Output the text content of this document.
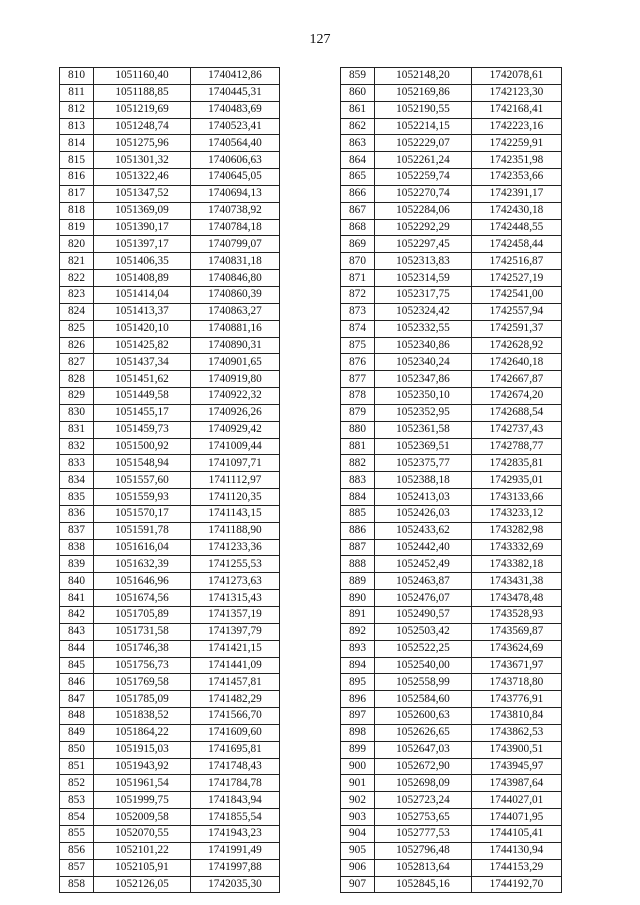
127
810	1051160,40	1740412,86
811	1051188,85	1740445,31
812	1051219,69	1740483,69
813	1051248,74	1740523,41
814	1051275,96	1740564,40
815	1051301,32	1740606,63
816	1051322,46	1740645,05
817	1051347,52	1740694,13
818	1051369,09	1740738,92
819	1051390,17	1740784,18
820	1051397,17	1740799,07
821	1051406,35	1740831,18
822	1051408,89	1740846,80
823	1051414,04	1740860,39
824	1051413,37	1740863,27
825	1051420,10	1740881,16
826	1051425,82	1740890,31
827	1051437,34	1740901,65
828	1051451,62	1740919,80
829	1051449,58	1740922,32
830	1051455,17	1740926,26
831	1051459,73	1740929,42
832	1051500,92	1741009,44
833	1051548,94	1741097,71
834	1051557,60	1741112,97
835	1051559,93	1741120,35
836	1051570,17	1741143,15
837	1051591,78	1741188,90
838	1051616,04	1741233,36
839	1051632,39	1741255,53
840	1051646,96	1741273,63
841	1051674,56	1741315,43
842	1051705,89	1741357,19
843	1051731,58	1741397,79
844	1051746,38	1741421,15
845	1051756,73	1741441,09
846	1051769,58	1741457,81
847	1051785,09	1741482,29
848	1051838,52	1741566,70
849	1051864,22	1741609,60
850	1051915,03	1741695,81
851	1051943,92	1741748,43
852	1051961,54	1741784,78
853	1051999,75	1741843,94
854	1052009,58	1741855,54
855	1052070,55	1741943,23
856	1052101,22	1741991,49
857	1052105,91	1741997,88
858	1052126,05	1742035,30
859	1052148,20	1742078,61
860	1052169,86	1742123,30
861	1052190,55	1742168,41
862	1052214,15	1742223,16
863	1052229,07	1742259,91
864	1052261,24	1742351,98
865	1052259,74	1742353,66
866	1052270,74	1742391,17
867	1052284,06	1742430,18
868	1052292,29	1742448,55
869	1052297,45	1742458,44
870	1052313,83	1742516,87
871	1052314,59	1742527,19
872	1052317,75	1742541,00
873	1052324,42	1742557,94
874	1052332,55	1742591,37
875	1052340,86	1742628,92
876	1052340,24	1742640,18
877	1052347,86	1742667,87
878	1052350,10	1742674,20
879	1052352,95	1742688,54
880	1052361,58	1742737,43
881	1052369,51	1742788,77
882	1052375,77	1742835,81
883	1052388,18	1742935,01
884	1052413,03	1743133,66
885	1052426,03	1743233,12
886	1052433,62	1743282,98
887	1052442,40	1743332,69
888	1052452,49	1743382,18
889	1052463,87	1743431,38
890	1052476,07	1743478,48
891	1052490,57	1743528,93
892	1052503,42	1743569,87
893	1052522,25	1743624,69
894	1052540,00	1743671,97
895	1052558,99	1743718,80
896	1052584,60	1743776,91
897	1052600,63	1743810,84
898	1052626,65	1743862,53
899	1052647,03	1743900,51
900	1052672,90	1743945,97
901	1052698,09	1743987,64
902	1052723,24	1744027,01
903	1052753,65	1744071,95
904	1052777,53	1744105,41
905	1052796,48	1744130,94
906	1052813,64	1744153,29
907	1052845,16	1744192,70
